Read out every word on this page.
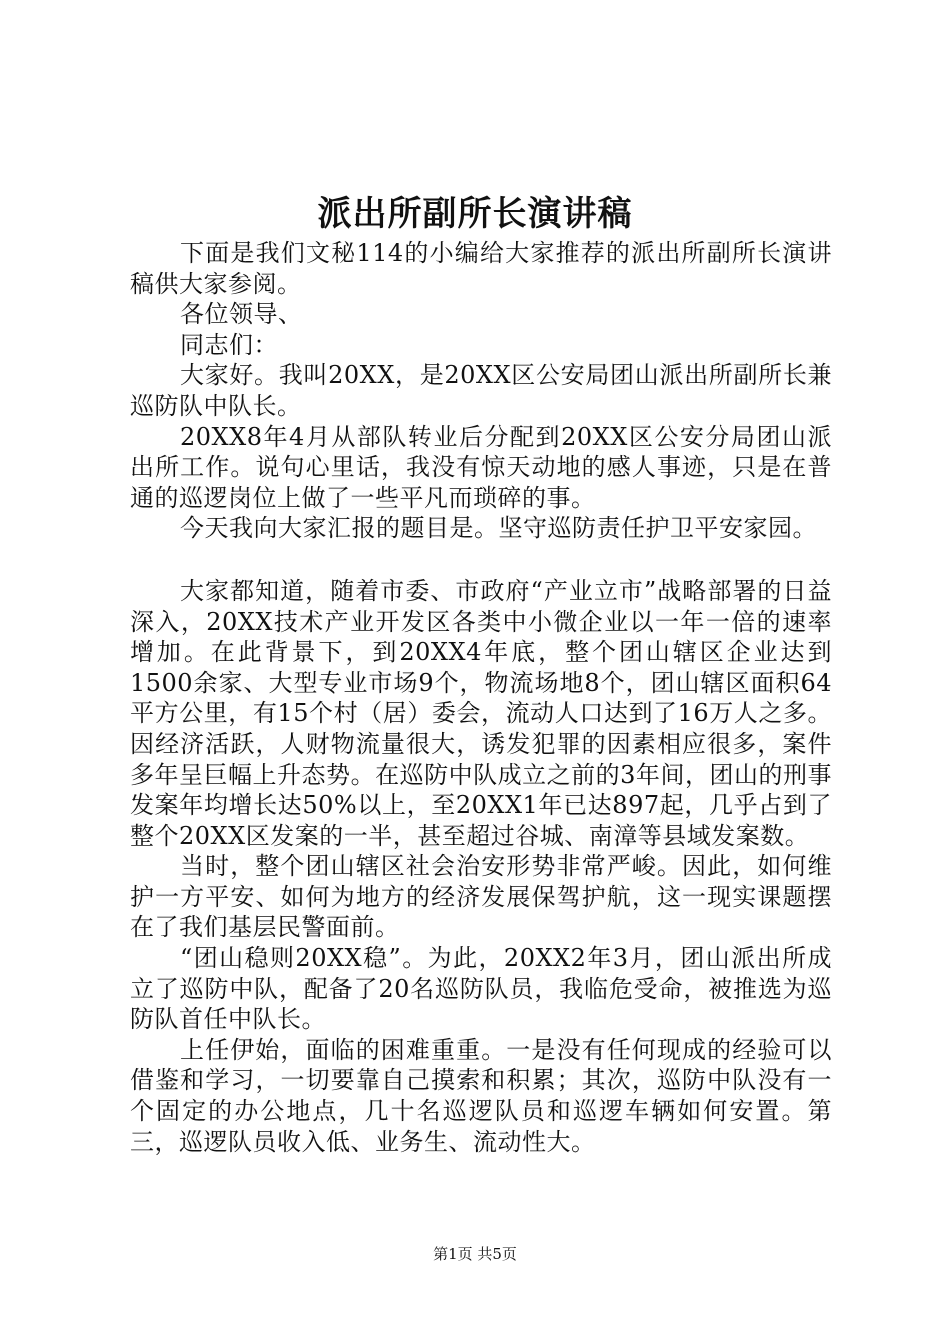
派出所副所长演讲稿

下面是我们文秘114的小编给大家推荐的派出所副所长演讲稿供大家参阅。

各位领导、

同志们：

大家好。我叫20XX，是20XX区公安局团山派出所副所长兼巡防队中队长。

20XX8年4月从部队转业后分配到20XX区公安分局团山派出所工作。说句心里话，我没有惊天动地的感人事迹，只是在普通的巡逻岗位上做了一些平凡而琐碎的事。

今天我向大家汇报的题目是。坚守巡防责任护卫平安家园。

大家都知道，随着市委、市政府“产业立市”战略部署的日益深入，20XX技术产业开发区各类中小微企业以一年一倍的速率增加。在此背景下，到20XX4年底，整个团山辖区企业达到1500余家、大型专业市场9个，物流场地8个，团山辖区面积64平方公里，有15个村（居）委会，流动人口达到了16万人之多。因经济活跃，人财物流量很大，诱发犯罪的因素相应很多，案件多年呈巨幅上升态势。在巡防中队成立之前的3年间，团山的刑事发案年均增长达50%以上，至20XX1年已达897起，几乎占到了整个20XX区发案的一半，甚至超过谷城、南漳等县域发案数。

当时，整个团山辖区社会治安形势非常严峻。因此，如何维护一方平安、如何为地方的经济发展保驾护航，这一现实课题摆在了我们基层民警面前。

“团山稳则20XX稳”。为此，20XX2年3月，团山派出所成立了巡防中队，配备了20名巡防队员，我临危受命，被推选为巡防队首任中队长。

上任伊始，面临的困难重重。一是没有任何现成的经验可以借鉴和学习，一切要靠自己摸索和积累；其次，巡防中队没有一个固定的办公地点，几十名巡逻队员和巡逻车辆如何安置。第三，巡逻队员收入低、业务生、流动性大。

第1页 共5页
